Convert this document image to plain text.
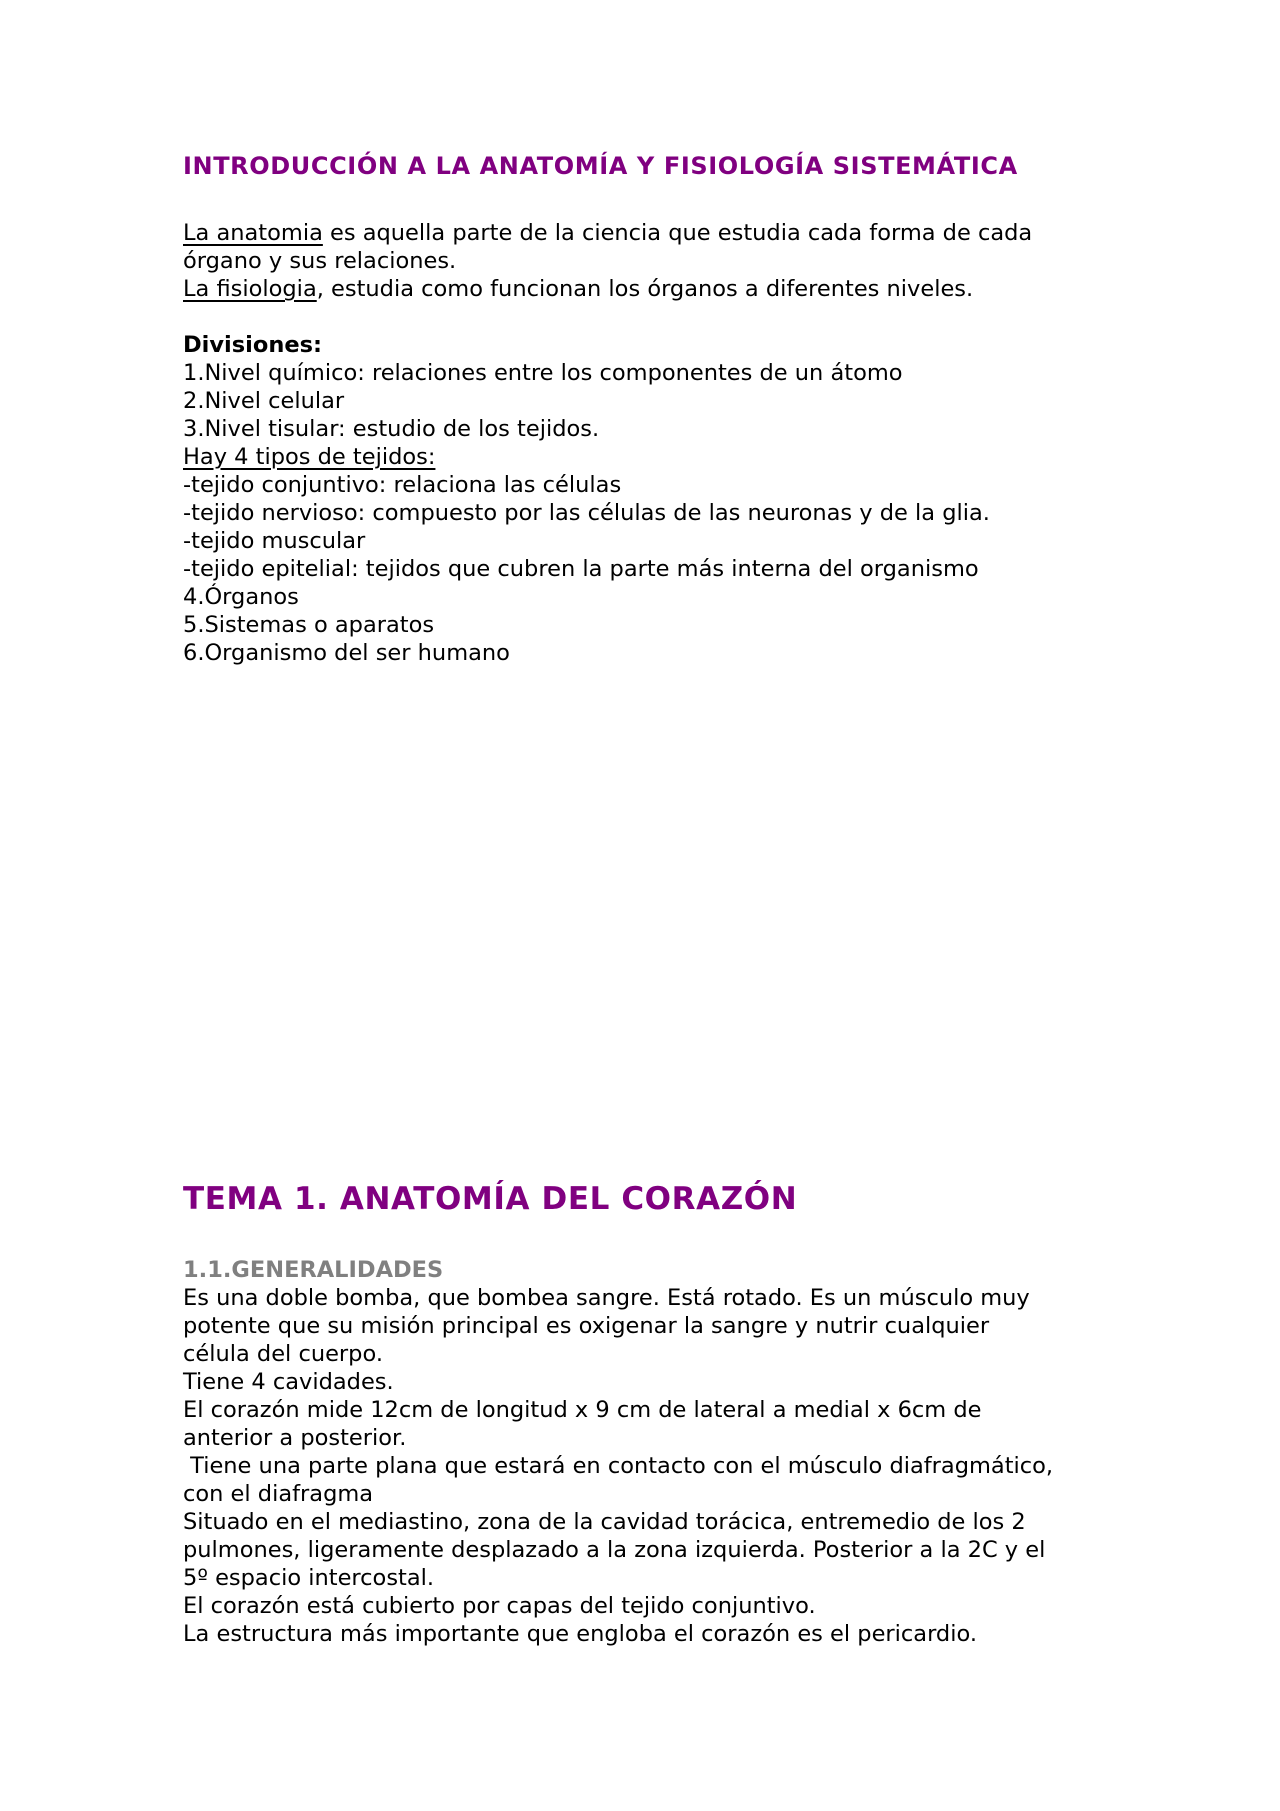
INTRODUCCIÓN A LA ANATOMÍA Y FISIOLOGÍA SISTEMÁTICA
La anatomia es aquella parte de la ciencia que estudia cada forma de cada
órgano y sus relaciones.
La fisiologia, estudia como funcionan los órganos a diferentes niveles.
Divisiones:
1.Nivel químico: relaciones entre los componentes de un átomo
2.Nivel celular
3.Nivel tisular: estudio de los tejidos.
Hay 4 tipos de tejidos:
-tejido conjuntivo: relaciona las células
-tejido nervioso: compuesto por las células de las neuronas y de la glia.
-tejido muscular
-tejido epitelial: tejidos que cubren la parte más interna del organismo
4.Órganos
5.Sistemas o aparatos
6.Organismo del ser humano
TEMA 1. ANATOMÍA DEL CORAZÓN
1.1.GENERALIDADES
Es una doble bomba, que bombea sangre. Está rotado. Es un músculo muy
potente que su misión principal es oxigenar la sangre y nutrir cualquier
célula del cuerpo.
Tiene 4 cavidades.
El corazón mide 12cm de longitud x 9 cm de lateral a medial x 6cm de
anterior a posterior.
Tiene una parte plana que estará en contacto con el músculo diafragmático,
con el diafragma
Situado en el mediastino, zona de la cavidad torácica, entremedio de los 2
pulmones, ligeramente desplazado a la zona izquierda. Posterior a la 2C y el
5º espacio intercostal.
El corazón está cubierto por capas del tejido conjuntivo.
La estructura más importante que engloba el corazón es el pericardio.
